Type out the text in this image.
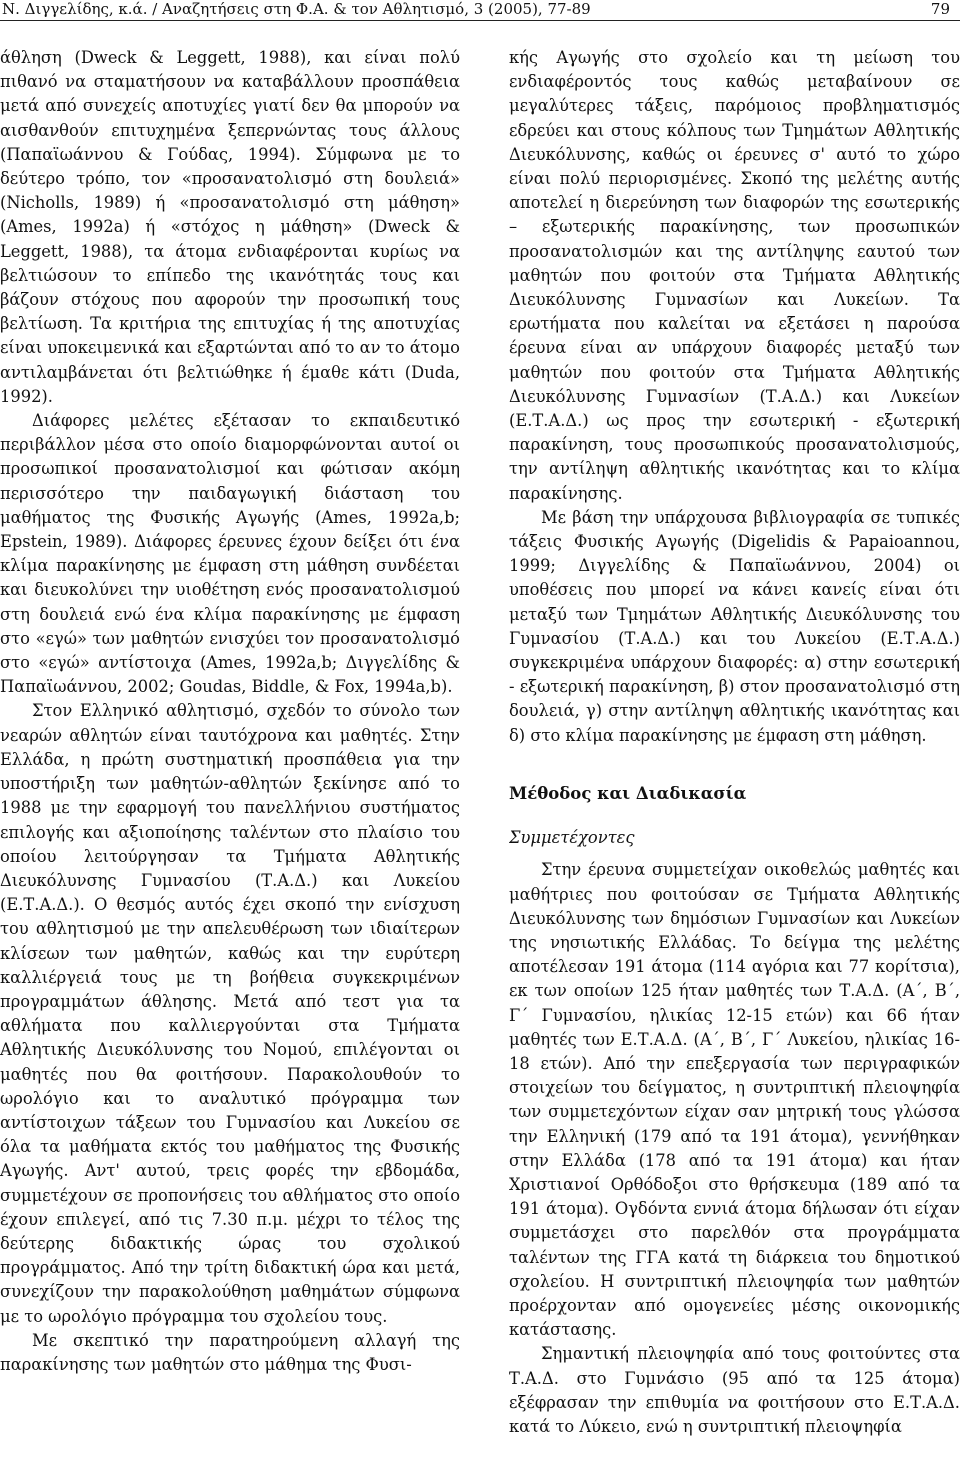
Ν. Διγγελίδης, κ.ά. / Αναζητήσεις στη Φ.Α. & τον Αθλητισμό, 3 (2005), 77-89	79

άθληση (Dweck & Leggett, 1988), και είναι πολύ πιθανό να σταματήσουν να καταβάλλουν προσπάθεια μετά από συνεχείς αποτυχίες γιατί δεν θα μπορούν να αισθανθούν επιτυχημένα ξεπερνώντας τους άλλους (Παπαϊωάννου & Γούδας, 1994). Σύμφωνα με το δεύτερο τρόπο, τον «προσανατολισμό στη δουλειά» (Nicholls, 1989) ή «προσανατολισμό στη μάθηση» (Ames, 1992a) ή «στόχος η μάθηση» (Dweck & Leggett, 1988), τα άτομα ενδιαφέρονται κυρίως να βελτιώσουν το επίπεδο της ικανότητάς τους και βάζουν στόχους που αφορούν την προσωπική τους βελτίωση. Τα κριτήρια της επιτυχίας ή της αποτυχίας είναι υποκειμενικά και εξαρτώνται από το αν το άτομο αντιλαμβάνεται ότι βελτιώθηκε ή έμαθε κάτι (Duda, 1992).

Διάφορες μελέτες εξέτασαν το εκπαιδευτικό περιβάλλον μέσα στο οποίο διαμορφώνονται αυτοί οι προσωπικοί προσανατολισμοί και φώτισαν ακόμη περισσότερο την παιδαγωγική διάσταση του μαθήματος της Φυσικής Αγωγής (Ames, 1992a,b; Epstein, 1989). Διάφορες έρευνες έχουν δείξει ότι ένα κλίμα παρακίνησης με έμφαση στη μάθηση συνδέεται και διευκολύνει την υιοθέτηση ενός προσανατολισμού στη δουλειά ενώ ένα κλίμα παρακίνησης με έμφαση στο «εγώ» των μαθητών ενισχύει τον προσανατολισμό στο «εγώ» αντίστοιχα (Ames, 1992a,b; Διγγελίδης & Παπαϊωάννου, 2002; Goudas, Biddle, & Fox, 1994a,b).

Στον Ελληνικό αθλητισμό, σχεδόν το σύνολο των νεαρών αθλητών είναι ταυτόχρονα και μαθητές. Στην Ελλάδα, η πρώτη συστηματική προσπάθεια για την υποστήριξη των μαθητών-αθλητών ξεκίνησε από το 1988 με την εφαρμογή του πανελλήνιου συστήματος επιλογής και αξιοποίησης ταλέντων στο πλαίσιο του οποίου λειτούργησαν τα Τμήματα Αθλητικής Διευκόλυνσης Γυμνασίου (Τ.Α.Δ.) και Λυκείου (Ε.Τ.Α.Δ.). Ο θεσμός αυτός έχει σκοπό την ενίσχυση του αθλητισμού με την απελευθέρωση των ιδιαίτερων κλίσεων των μαθητών, καθώς και την ευρύτερη καλλιέργειά τους με τη βοήθεια συγκεκριμένων προγραμμάτων άθλησης. Μετά από τεστ για τα αθλήματα που καλλιεργούνται στα Τμήματα Αθλητικής Διευκόλυνσης του Νομού, επιλέγονται οι μαθητές που θα φοιτήσουν. Παρακολουθούν το ωρολόγιο και το αναλυτικό πρόγραμμα των αντίστοιχων τάξεων του Γυμνασίου και Λυκείου σε όλα τα μαθήματα εκτός του μαθήματος της Φυσικής Αγωγής. Αντ' αυτού, τρεις φορές την εβδομάδα, συμμετέχουν σε προπονήσεις του αθλήματος στο οποίο έχουν επιλεγεί, από τις 7.30 π.μ. μέχρι το τέλος της δεύτερης διδακτικής ώρας του σχολικού προγράμματος. Από την τρίτη διδακτική ώρα και μετά, συνεχίζουν την παρακολούθηση μαθημάτων σύμφωνα με το ωρολόγιο πρόγραμμα του σχολείου τους.

Με σκεπτικό την παρατηρούμενη αλλαγή της παρακίνησης των μαθητών στο μάθημα της Φυσι-

κής Αγωγής στο σχολείο και τη μείωση του ενδιαφέροντός τους καθώς μεταβαίνουν σε μεγαλύτερες τάξεις, παρόμοιος προβληματισμός εδρεύει και στους κόλπους των Τμημάτων Αθλητικής Διευκόλυνσης, καθώς οι έρευνες σ' αυτό το χώρο είναι πολύ περιορισμένες. Σκοπό της μελέτης αυτής αποτελεί η διερεύνηση των διαφορών της εσωτερικής – εξωτερικής παρακίνησης, των προσωπικών προσανατολισμών και της αντίληψης εαυτού των μαθητών που φοιτούν στα Τμήματα Αθλητικής Διευκόλυνσης Γυμνασίων και Λυκείων. Τα ερωτήματα που καλείται να εξετάσει η παρούσα έρευνα είναι αν υπάρχουν διαφορές μεταξύ των μαθητών που φοιτούν στα Τμήματα Αθλητικής Διευκόλυνσης Γυμνασίων (Τ.Α.Δ.) και Λυκείων (Ε.Τ.Α.Δ.) ως προς την εσωτερική - εξωτερική παρακίνηση, τους προσωπικούς προσανατολισμούς, την αντίληψη αθλητικής ικανότητας και το κλίμα παρακίνησης.

Με βάση την υπάρχουσα βιβλιογραφία σε τυπικές τάξεις Φυσικής Αγωγής (Digelidis & Papaioannou, 1999; Διγγελίδης & Παπαϊωάννου, 2004) οι υποθέσεις που μπορεί να κάνει κανείς είναι ότι μεταξύ των Τμημάτων Αθλητικής Διευκόλυνσης του Γυμνασίου (Τ.Α.Δ.) και του Λυκείου (Ε.Τ.Α.Δ.) συγκεκριμένα υπάρχουν διαφορές: α) στην εσωτερική - εξωτερική παρακίνηση, β) στον προσανατολισμό στη δουλειά, γ) στην αντίληψη αθλητικής ικανότητας και δ) στο κλίμα παρακίνησης με έμφαση στη μάθηση.

Μέθοδος και Διαδικασία
Συμμετέχοντες

Στην έρευνα συμμετείχαν οικοθελώς μαθητές και μαθήτριες που φοιτούσαν σε Τμήματα Αθλητικής Διευκόλυνσης των δημόσιων Γυμνασίων και Λυκείων της νησιωτικής Ελλάδας. Το δείγμα της μελέτης αποτέλεσαν 191 άτομα (114 αγόρια και 77 κορίτσια), εκ των οποίων 125 ήταν μαθητές των Τ.Α.Δ. (Α΄, Β΄, Γ΄ Γυμνασίου, ηλικίας 12-15 ετών) και 66 ήταν μαθητές των Ε.Τ.Α.Δ. (Α΄, Β΄, Γ΄ Λυκείου, ηλικίας 16-18 ετών). Από την επεξεργασία των περιγραφικών στοιχείων του δείγματος, η συντριπτική πλειοψηφία των συμμετεχόντων είχαν σαν μητρική τους γλώσσα την Ελληνική (179 από τα 191 άτομα), γεννήθηκαν στην Ελλάδα (178 από τα 191 άτομα) και ήταν Χριστιανοί Ορθόδοξοι στο θρήσκευμα (189 από τα 191 άτομα). Ογδόντα εννιά άτομα δήλωσαν ότι είχαν συμμετάσχει στο παρελθόν στα προγράμματα ταλέντων της ΓΓΑ κατά τη διάρκεια του δημοτικού σχολείου. Η συντριπτική πλειοψηφία των μαθητών προέρχονταν από ομογενείες μέσης οικονομικής κατάστασης.

Σημαντική πλειοψηφία από τους φοιτούντες στα Τ.Α.Δ. στο Γυμνάσιο (95 από τα 125 άτομα) εξέφρασαν την επιθυμία να φοιτήσουν στο Ε.Τ.Α.Δ. κατά το Λύκειο, ενώ η συντριπτική πλειοψηφία
